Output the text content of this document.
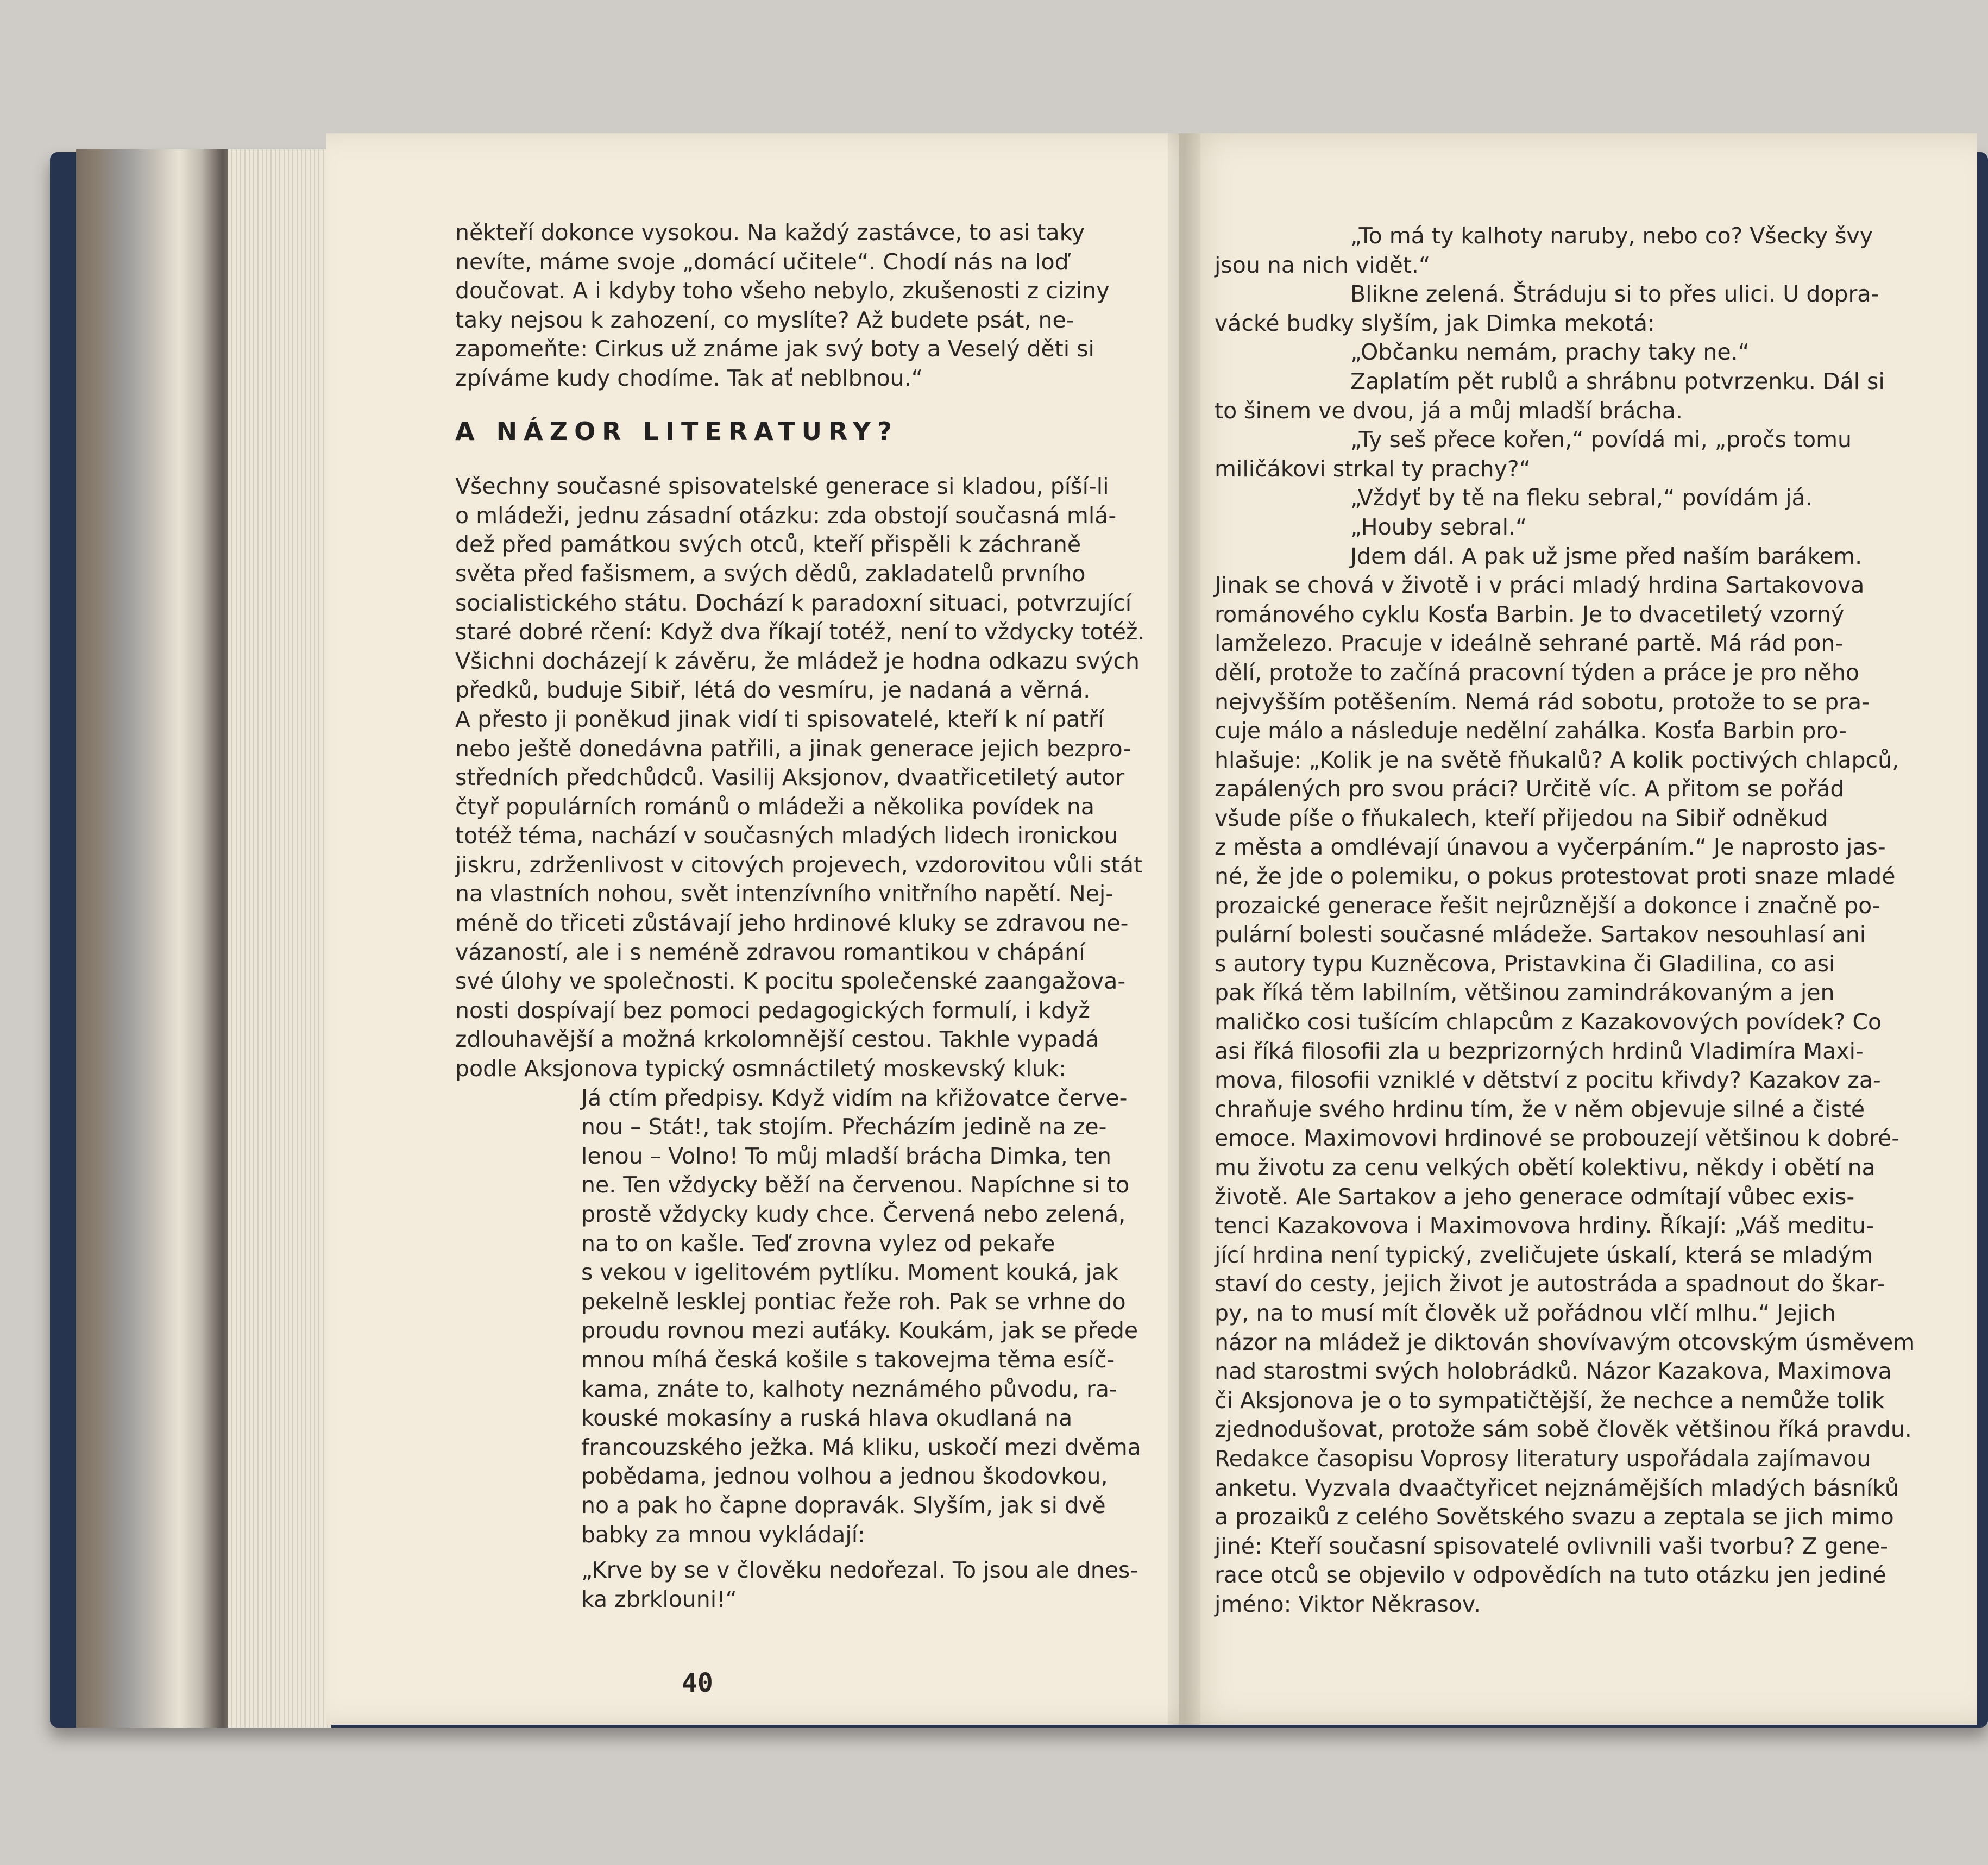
někteří dokonce vysokou. Na každý zastávce, to asi taky

nevíte, máme svoje „domácí učitele“. Chodí nás na loď

doučovat. A i kdyby toho všeho nebylo, zkušenosti z ciziny

taky nejsou k zahození, co myslíte? Až budete psát, ne-

zapomeňte: Cirkus už známe jak svý boty a Veselý děti si

zpíváme kudy chodíme. Tak ať neblbnou.“

A NÁZOR LITERATURY?

Všechny současné spisovatelské generace si kladou, píší-li

o mládeži, jednu zásadní otázku: zda obstojí současná mlá-

dež před památkou svých otců, kteří přispěli k záchraně

světa před fašismem, a svých dědů, zakladatelů prvního

socialistického státu. Dochází k paradoxní situaci, potvrzující

staré dobré rčení: Když dva říkají totéž, není to vždycky totéž.

Všichni docházejí k závěru, že mládež je hodna odkazu svých

předků, buduje Sibiř, létá do vesmíru, je nadaná a věrná.

A přesto ji poněkud jinak vidí ti spisovatelé, kteří k ní patří

nebo ještě donedávna patřili, a jinak generace jejich bezpro-

středních předchůdců. Vasilij Aksjonov, dvaatřicetiletý autor

čtyř populárních románů o mládeži a několika povídek na

totéž téma, nachází v současných mladých lidech ironickou

jiskru, zdrženlivost v citových projevech, vzdorovitou vůli stát

na vlastních nohou, svět intenzívního vnitřního napětí. Nej-

méně do třiceti zůstávají jeho hrdinové kluky se zdravou ne-

vázaností, ale i s neméně zdravou romantikou v chápání

své úlohy ve společnosti. K pocitu společenské zaangažova-

nosti dospívají bez pomoci pedagogických formulí, i když

zdlouhavější a možná krkolomnější cestou. Takhle vypadá

podle Aksjonova typický osmnáctiletý moskevský kluk:

Já ctím předpisy. Když vidím na křižovatce červe-

nou – Stát!, tak stojím. Přecházím jedině na ze-

lenou – Volno! To můj mladší brácha Dimka, ten

ne. Ten vždycky běží na červenou. Napíchne si to

prostě vždycky kudy chce. Červená nebo zelená,

na to on kašle. Teď zrovna vylez od pekaře

s vekou v igelitovém pytlíku. Moment kouká, jak

pekelně lesklej pontiac řeže roh. Pak se vrhne do

proudu rovnou mezi auťáky. Koukám, jak se přede

mnou míhá česká košile s takovejma těma esíč-

kama, znáte to, kalhoty neznámého původu, ra-

kouské mokasíny a ruská hlava okudlaná na

francouzského ježka. Má kliku, uskočí mezi dvěma

pobědama, jednou volhou a jednou škodovkou,

no a pak ho čapne dopravák. Slyším, jak si dvě

babky za mnou vykládají:

„Krve by se v člověku nedořezal. To jsou ale dnes-

ka zbrklouni!“

„To má ty kalhoty naruby, nebo co? Všecky švy

jsou na nich vidět.“

Blikne zelená. Štráduju si to přes ulici. U dopra-

vácké budky slyším, jak Dimka mekotá:

„Občanku nemám, prachy taky ne.“

Zaplatím pět rublů a shrábnu potvrzenku. Dál si

to šinem ve dvou, já a můj mladší brácha.

„Ty seš přece kořen,“ povídá mi, „pročs tomu

miličákovi strkal ty prachy?“

„Vždyť by tě na fleku sebral,“ povídám já.

„Houby sebral.“

Jdem dál. A pak už jsme před naším barákem.

Jinak se chová v životě i v práci mladý hrdina Sartakovova

románového cyklu Kosťa Barbin. Je to dvacetiletý vzorný

lamželezo. Pracuje v ideálně sehrané partě. Má rád pon-

dělí, protože to začíná pracovní týden a práce je pro něho

nejvyšším potěšením. Nemá rád sobotu, protože to se pra-

cuje málo a následuje nedělní zahálka. Kosťa Barbin pro-

hlašuje: „Kolik je na světě fňukalů? A kolik poctivých chlapců,

zapálených pro svou práci? Určitě víc. A přitom se pořád

všude píše o fňukalech, kteří přijedou na Sibiř odněkud

z města a omdlévají únavou a vyčerpáním.“ Je naprosto jas-

né, že jde o polemiku, o pokus protestovat proti snaze mladé

prozaické generace řešit nejrůznější a dokonce i značně po-

pulární bolesti současné mládeže. Sartakov nesouhlasí ani

s autory typu Kuzněcova, Pristavkina či Gladilina, co asi

pak říká těm labilním, většinou zamindrákovaným a jen

maličko cosi tušícím chlapcům z Kazakovových povídek? Co

asi říká filosofii zla u bezprizorných hrdinů Vladimíra Maxi-

mova, filosofii vzniklé v dětství z pocitu křivdy? Kazakov za-

chraňuje svého hrdinu tím, že v něm objevuje silné a čisté

emoce. Maximovovi hrdinové se probouzejí většinou k dobré-

mu životu za cenu velkých obětí kolektivu, někdy i obětí na

životě. Ale Sartakov a jeho generace odmítají vůbec exis-

tenci Kazakovova i Maximovova hrdiny. Říkají: „Váš meditu-

jící hrdina není typický, zveličujete úskalí, která se mladým

staví do cesty, jejich život je autostráda a spadnout do škar-

py, na to musí mít člověk už pořádnou vlčí mlhu.“ Jejich

názor na mládež je diktován shovívavým otcovským úsměvem

nad starostmi svých holobrádků. Názor Kazakova, Maximova

či Aksjonova je o to sympatičtější, že nechce a nemůže tolik

zjednodušovat, protože sám sobě člověk většinou říká pravdu.

Redakce časopisu Voprosy literatury uspořádala zajímavou

anketu. Vyzvala dvaačtyřicet nejznámějších mladých básníků

a prozaiků z celého Sovětského svazu a zeptala se jich mimo

jiné: Kteří současní spisovatelé ovlivnili vaši tvorbu? Z gene-

race otců se objevilo v odpovědích na tuto otázku jen jediné

jméno: Viktor Někrasov.

40
